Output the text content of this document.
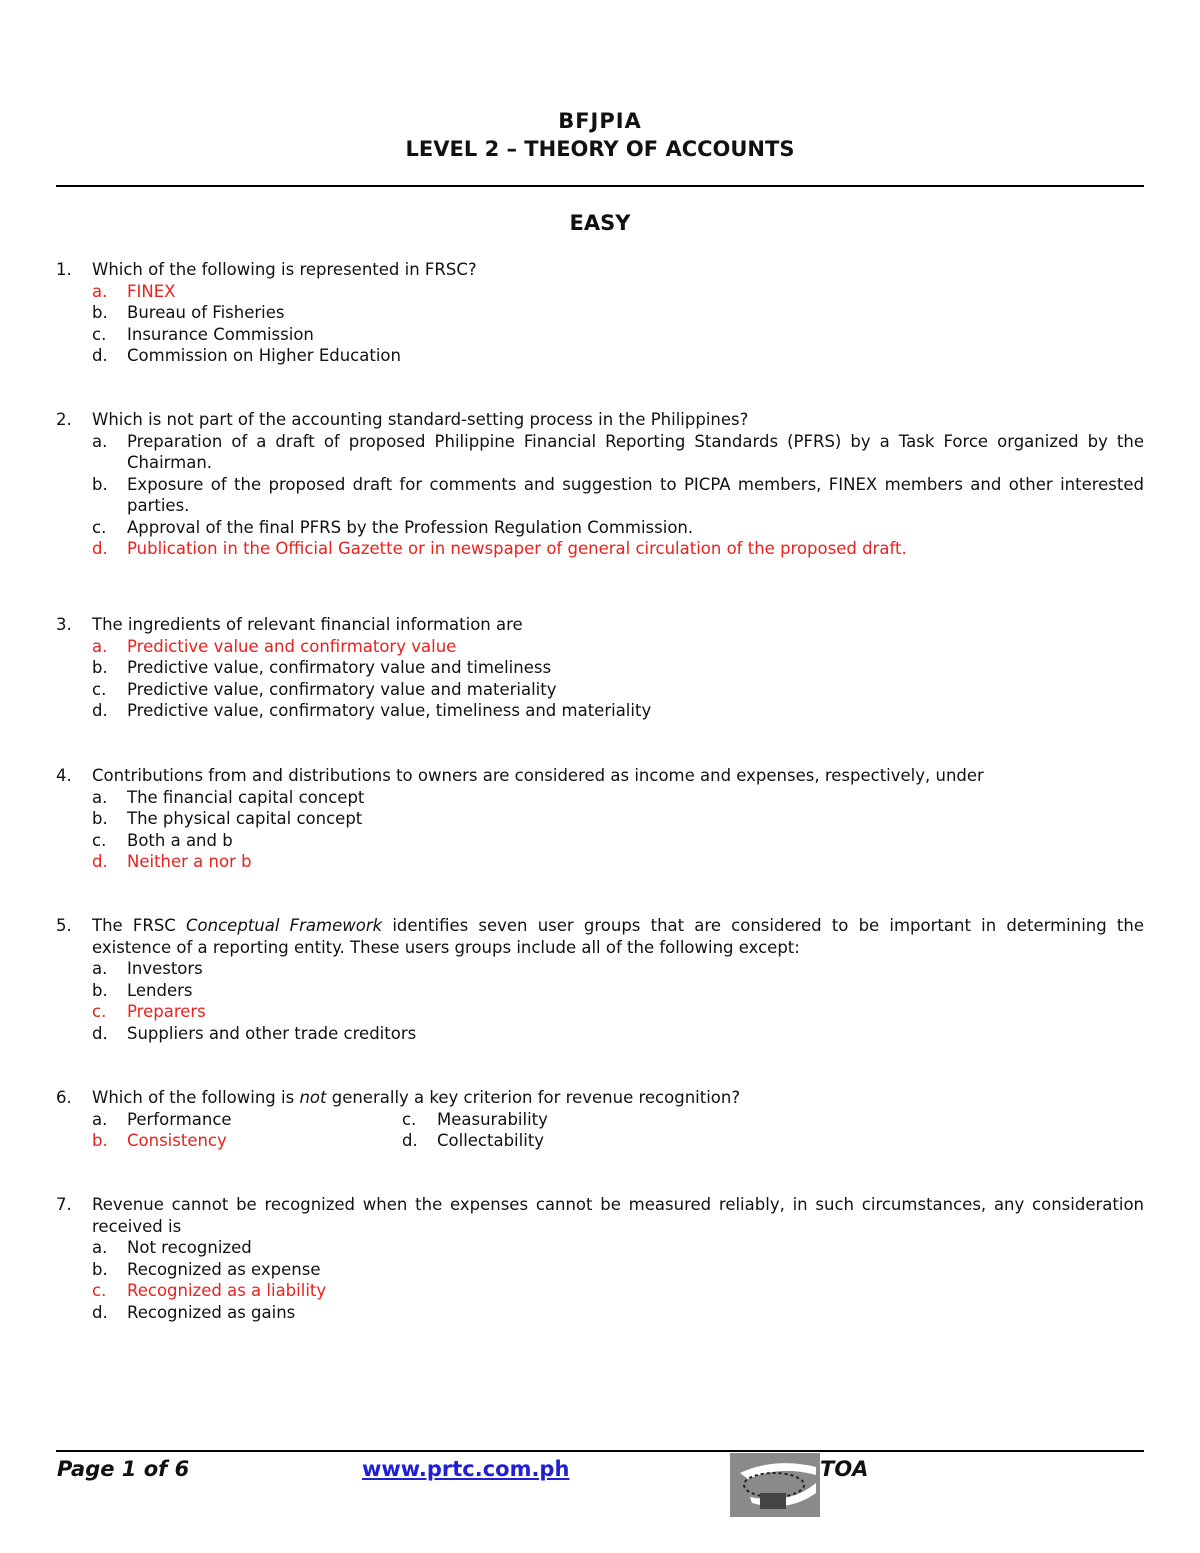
BFJPIA
LEVEL 2 – THEORY OF ACCOUNTS
EASY
1.	Which of the following is represented in FRSC?
a.	FINEX
b.	Bureau of Fisheries
c.	Insurance Commission
d.	Commission on Higher Education
2.	Which is not part of the accounting standard-setting process in the Philippines?
a.	Preparation of a draft of proposed Philippine Financial Reporting Standards (PFRS) by a Task Force organized by the Chairman.
b.	Exposure of the proposed draft for comments and suggestion to PICPA members, FINEX members and other interested parties.
c.	Approval of the final PFRS by the Profession Regulation Commission.
d.	Publication in the Official Gazette or in newspaper of general circulation of the proposed draft.
3.	The ingredients of relevant financial information are
a.	Predictive value and confirmatory value
b.	Predictive value, confirmatory value and timeliness
c.	Predictive value, confirmatory value and materiality
d.	Predictive value, confirmatory value, timeliness and materiality
4.	Contributions from and distributions to owners are considered as income and expenses, respectively, under
a.	The financial capital concept
b.	The physical capital concept
c.	Both a and b
d.	Neither a nor b
5.	The FRSC Conceptual Framework identifies seven user groups that are considered to be important in determining the existence of a reporting entity. These users groups include all of the following except:
a.	Investors
b.	Lenders
c.	Preparers
d.	Suppliers and other trade creditors
6.	Which of the following is not generally a key criterion for revenue recognition?
a.	Performance	c.	Measurability
b.	Consistency	d.	Collectability
7.	Revenue cannot be recognized when the expenses cannot be measured reliably, in such circumstances, any consideration received is
a.	Not recognized
b.	Recognized as expense
c.	Recognized as a liability
d.	Recognized as gains
Page 1 of 6	www.prtc.com.ph	TOA
